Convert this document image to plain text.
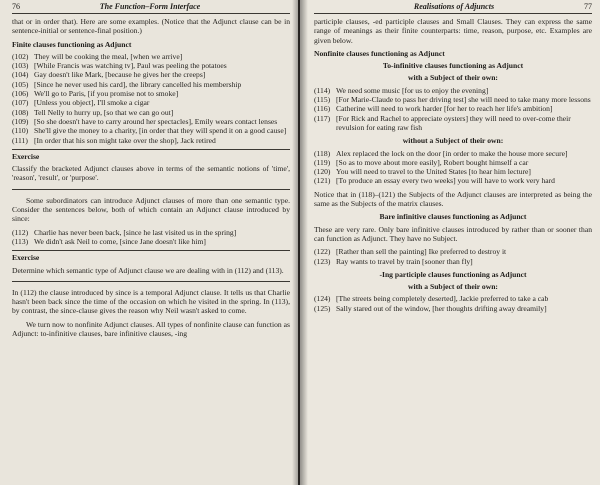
76	The Function–Form Interface

that or in order that). Here are some examples. (Notice that the Adjunct clause can be in sentence-initial or sentence-final position.)

Finite clauses functioning as Adjunct
(102) They will be cooking the meal, [when we arrive]
(103) [While Francis was watching tv], Paul was peeling the potatoes
(104) Gay doesn't like Mark, [because he gives her the creeps]
(105) [Since he never used his card], the library cancelled his membership
(106) We'll go to Paris, [if you promise not to smoke]
(107) [Unless you object], I'll smoke a cigar
(108) Tell Nelly to hurry up, [so that we can go out]
(109) [So she doesn't have to carry around her spectacles], Emily wears contact lenses
(110) She'll give the money to a charity, [in order that they will spend it on a good cause]
(111) [In order that his son might take over the shop], Jack retired
Exercise

Classify the bracketed Adjunct clauses above in terms of the semantic notions of 'time', 'reason', 'result', or 'purpose'.

Some subordinators can introduce Adjunct clauses of more than one semantic type. Consider the sentences below, both of which contain an Adjunct clause introduced by since:

(112) Charlie has never been back, [since he last visited us in the spring]
(113) We didn't ask Neil to come, [since Jane doesn't like him]
Exercise

Determine which semantic type of Adjunct clause we are dealing with in (112) and (113).

In (112) the clause introduced by since is a temporal Adjunct clause. It tells us that Charlie hasn't been back since the time of the occasion on which he visited in the spring. In (113), by contrast, the since-clause gives the reason why Neil wasn't asked to come.

We turn now to nonfinite Adjunct clauses. All types of nonfinite clause can function as Adjunct: to-infinitive clauses, bare infinitive clauses, -ing

Realisations of Adjuncts	77

participle clauses, -ed participle clauses and Small Clauses. They can express the same range of meanings as their finite counterparts: time, reason, purpose, etc. Examples are given below.

Nonfinite clauses functioning as Adjunct
To-infinitive clauses functioning as Adjunct
with a Subject of their own:
(114) We need some music [for us to enjoy the evening]
(115) [For Marie-Claude to pass her driving test] she will need to take many more lessons
(116) Catherine will need to work harder [for her to reach her life's ambition]
(117) [For Rick and Rachel to appreciate oysters] they will need to over-come their revulsion for eating raw fish
without a Subject of their own:
(118) Alex replaced the lock on the door [in order to make the house more secure]
(119) [So as to move about more easily], Robert bought himself a car
(120) You will need to travel to the United States [to hear him lecture]
(121) [To produce an essay every two weeks] you will have to work very hard

Notice that in (118)–(121) the Subjects of the Adjunct clauses are interpreted as being the same as the Subjects of the matrix clauses.

Bare infinitive clauses functioning as Adjunct

These are very rare. Only bare infinitive clauses introduced by rather than or sooner than can function as Adjunct. They have no Subject.

(122) [Rather than sell the painting] Ike preferred to destroy it
(123) Ray wants to travel by train [sooner than fly]
-Ing participle clauses functioning as Adjunct
with a Subject of their own:
(124) [The streets being completely deserted], Jackie preferred to take a cab
(125) Sally stared out of the window, [her thoughts drifting away dreamily]
